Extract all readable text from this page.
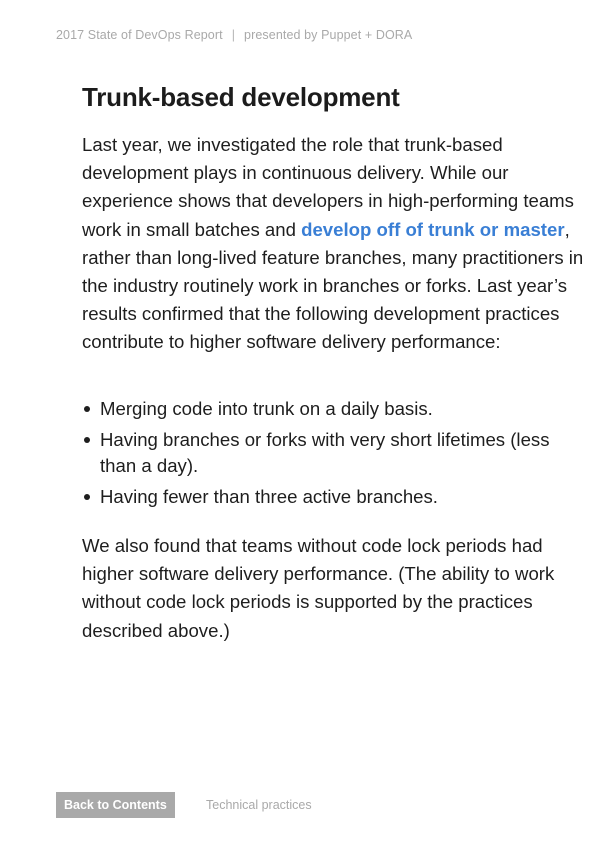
2017 State of DevOps Report | presented by Puppet + DORA
Trunk-based development

Last year, we investigated the role that trunk-based development plays in continuous delivery. While our experience shows that developers in high-performing teams work in small batches and develop off of trunk or master, rather than long-lived feature branches, many practitioners in the industry routinely work in branches or forks. Last year’s results confirmed that the following development practices contribute to higher software delivery performance:

Merging code into trunk on a daily basis.
Having branches or forks with very short lifetimes (less than a day).
Having fewer than three active branches.

We also found that teams without code lock periods had higher software delivery performance. (The ability to work without code lock periods is supported by the practices described above.)

Back to Contents	Technical practices
